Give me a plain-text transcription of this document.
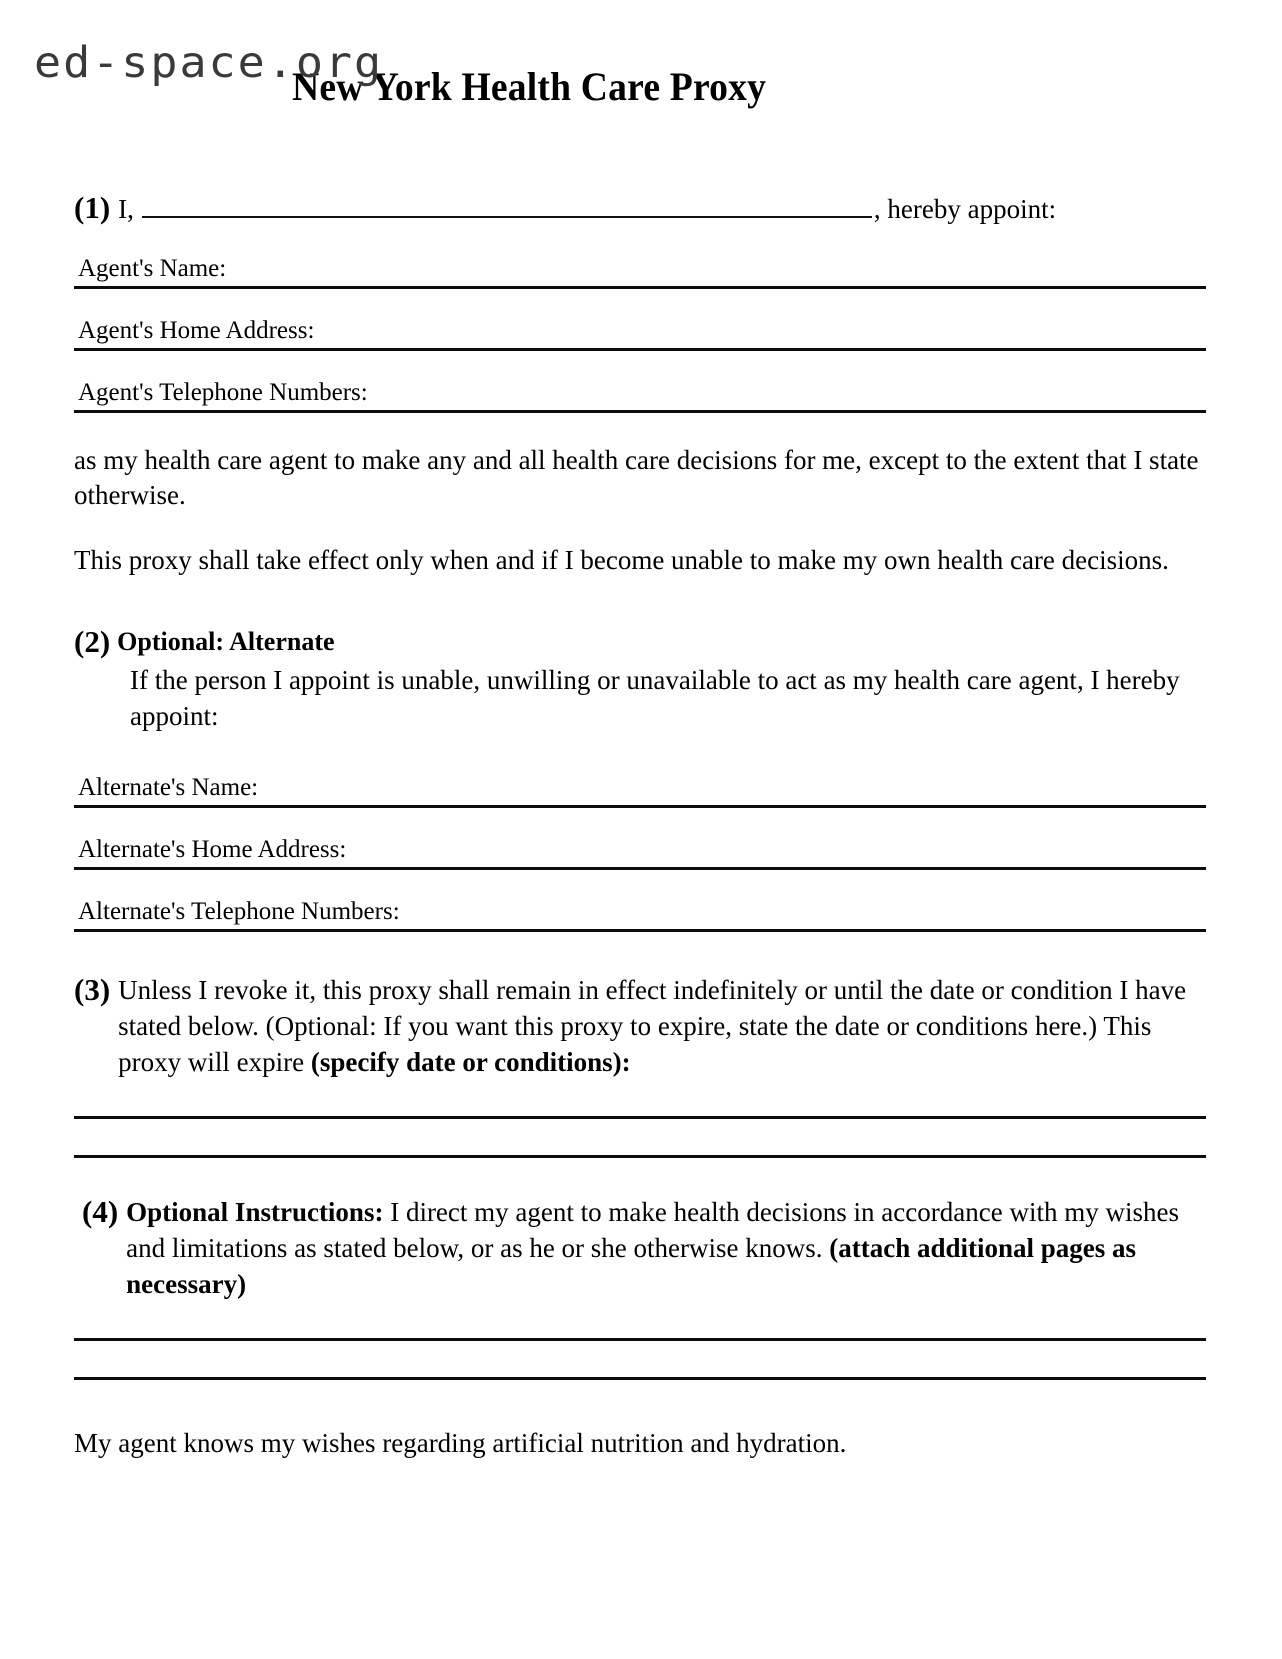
ed-space.org
New York Health Care Proxy
(1) I,	, hereby appoint:
Agent's Name:
Agent's Home Address:
Agent's Telephone Numbers:
as my health care agent to make any and all health care decisions for me, except to the extent that I state otherwise.
This proxy shall take effect only when and if I become unable to make my own health care decisions.
(2) Optional: Alternate
If the person I appoint is unable, unwilling or unavailable to act as my health care agent, I hereby appoint:
Alternate's Name:
Alternate's Home Address:
Alternate's Telephone Numbers:
(3) Unless I revoke it, this proxy shall remain in effect indefinitely or until the date or condition I have stated below. (Optional: If you want this proxy to expire, state the date or conditions here.) This proxy will expire (specify date or conditions):
(4) Optional Instructions: I direct my agent to make health decisions in accordance with my wishes and limitations as stated below, or as he or she otherwise knows. (attach additional pages as necessary)
My agent knows my wishes regarding artificial nutrition and hydration.
